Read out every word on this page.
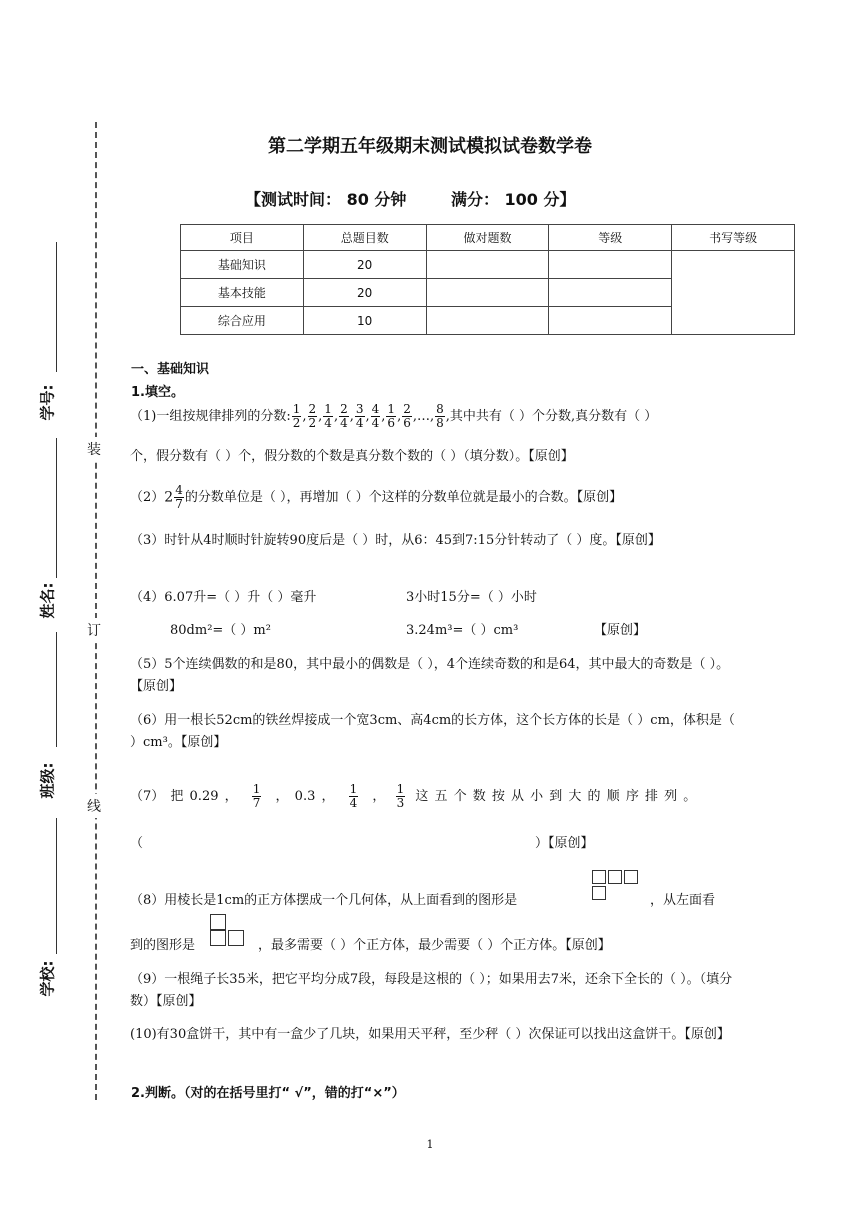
第二学期五年级期末测试模拟试卷数学卷
【测试时间： 80 分钟        满分： 100 分】
项目	总题目数	做对题数	等级	书写等级
基础知识	20			
基本技能	20			
综合应用	10			
装
订
线
学号:
姓名:
班级:
学校:
一、基础知识
1.填空。
（1)一组按规律排列的分数: $\frac{1}{2}$ , $\frac{2}{2}$ , $\frac{1}{4}$ , $\frac{2}{4}$ , $\frac{3}{4}$ , $\frac{4}{4}$ , $\frac{1}{6}$ , $\frac{2}{6}$ ,…, $\frac{8}{8}$ ,其中共有（ ）个分数,真分数有（ ）
个，假分数有（ ）个，假分数的个数是真分数个数的（ ）（填分数）。【原创】
$(2)2 \frac{4}{7}$ 的分数单位是（ ），再增加（ ）个这样的分数单位就是最小的合数。【原创】
（3）时针从4时顺时针旋转90度后是（ ）时，从6：45到7:15分针转动了（ ）度。【原创】
（4）6.07升=（ ）升（ ）毫升	3小时15分=（ ）小时
80dm²=（ ）m²	3.24m³=（ ）cm³	【原创】
（5）5个连续偶数的和是80，其中最小的偶数是（ ），4个连续奇数的和是64，其中最大的奇数是（ ）。【原创】
（6）用一根长52cm的铁丝焊接成一个宽3cm、高4cm的长方体，这个长方体的长是（ ）cm，体积是（ ）cm³。【原创】
（7） 把 0.29 ， $\frac{1}{7}$ ， 0.3 ， $\frac{1}{4}$ ， $\frac{1}{3}$ 这 五 个 数 按 从 小 到 大 的 顺 序 排 列 。
（	）【原创】
（8）用棱长是1cm的正方体摆成一个几何体，从上面看到的图形是	，从左面看
到的图形是	，最多需要（ ）个正方体，最少需要（ ）个正方体。【原创】
（9）一根绳子长35米，把它平均分成7段，每段是这根的（ ）；如果用去7米，还余下全长的（ ）。（填分数）【原创】
(10)有30盒饼干，其中有一盒少了几块，如果用天平秤，至少秤（ ）次保证可以找出这盒饼干。【原创】
2.判断。（对的在括号里打“ √”，错的打“×”）
1
